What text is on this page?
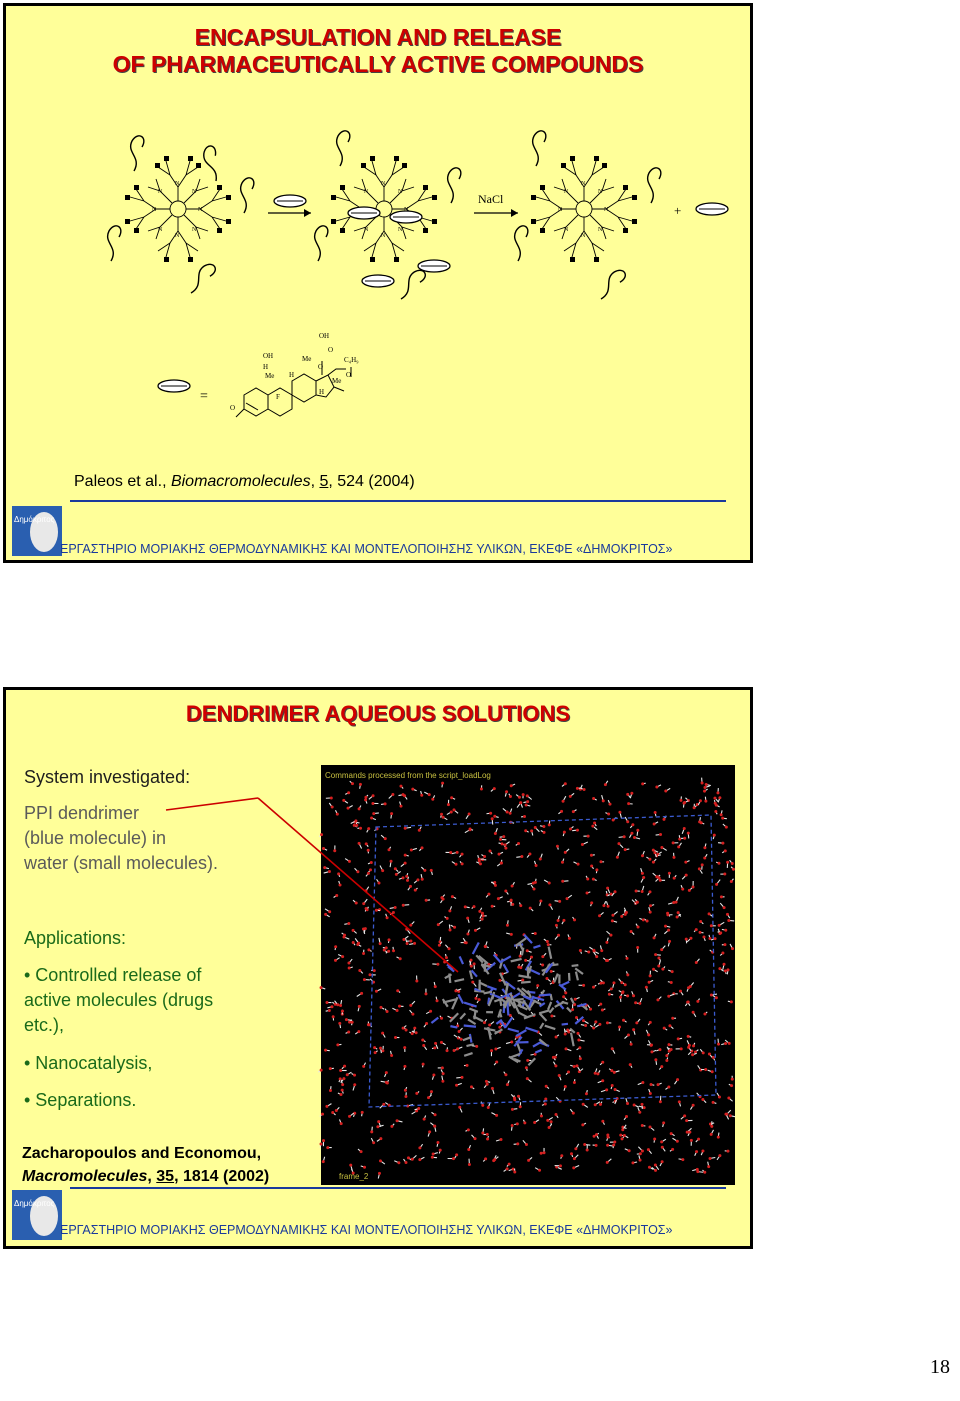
ENCAPSULATION AND RELEASE
OF PHARMACEUTICALLY ACTIVE COMPOUNDS
N
N
N
N
N
NaCl
+
=
OH
OH
Me
Me
Me
H
H
H
F
O
O
O
O
C₄H₉
Paleos et al., Biomacromolecules, 5, 524 (2004)
Δημόκριτος
ΕΡΓΑΣΤΗΡΙΟ ΜΟΡΙΑΚΗΣ ΘΕΡΜΟΔΥΝΑΜΙΚΗΣ ΚΑΙ ΜΟΝΤΕΛΟΠΟΙΗΣΗΣ ΥΛΙΚΩΝ, ΕΚΕΦΕ «ΔΗΜΟΚΡΙΤΟΣ»
DENDRIMER AQUEOUS SOLUTIONS
System investigated:
PPI dendrimer
(blue molecule) in
water (small molecules).
Applications:
• Controlled release of
active molecules (drugs
etc.),
• Nanocatalysis,
• Separations.
Commands processed from the script_loadLog
frame_2
Zacharopoulos and Economou,
Macromolecules, 35, 1814 (2002)
Δημόκριτος
ΕΡΓΑΣΤΗΡΙΟ ΜΟΡΙΑΚΗΣ ΘΕΡΜΟΔΥΝΑΜΙΚΗΣ ΚΑΙ ΜΟΝΤΕΛΟΠΟΙΗΣΗΣ ΥΛΙΚΩΝ, ΕΚΕΦΕ «ΔΗΜΟΚΡΙΤΟΣ»
18
